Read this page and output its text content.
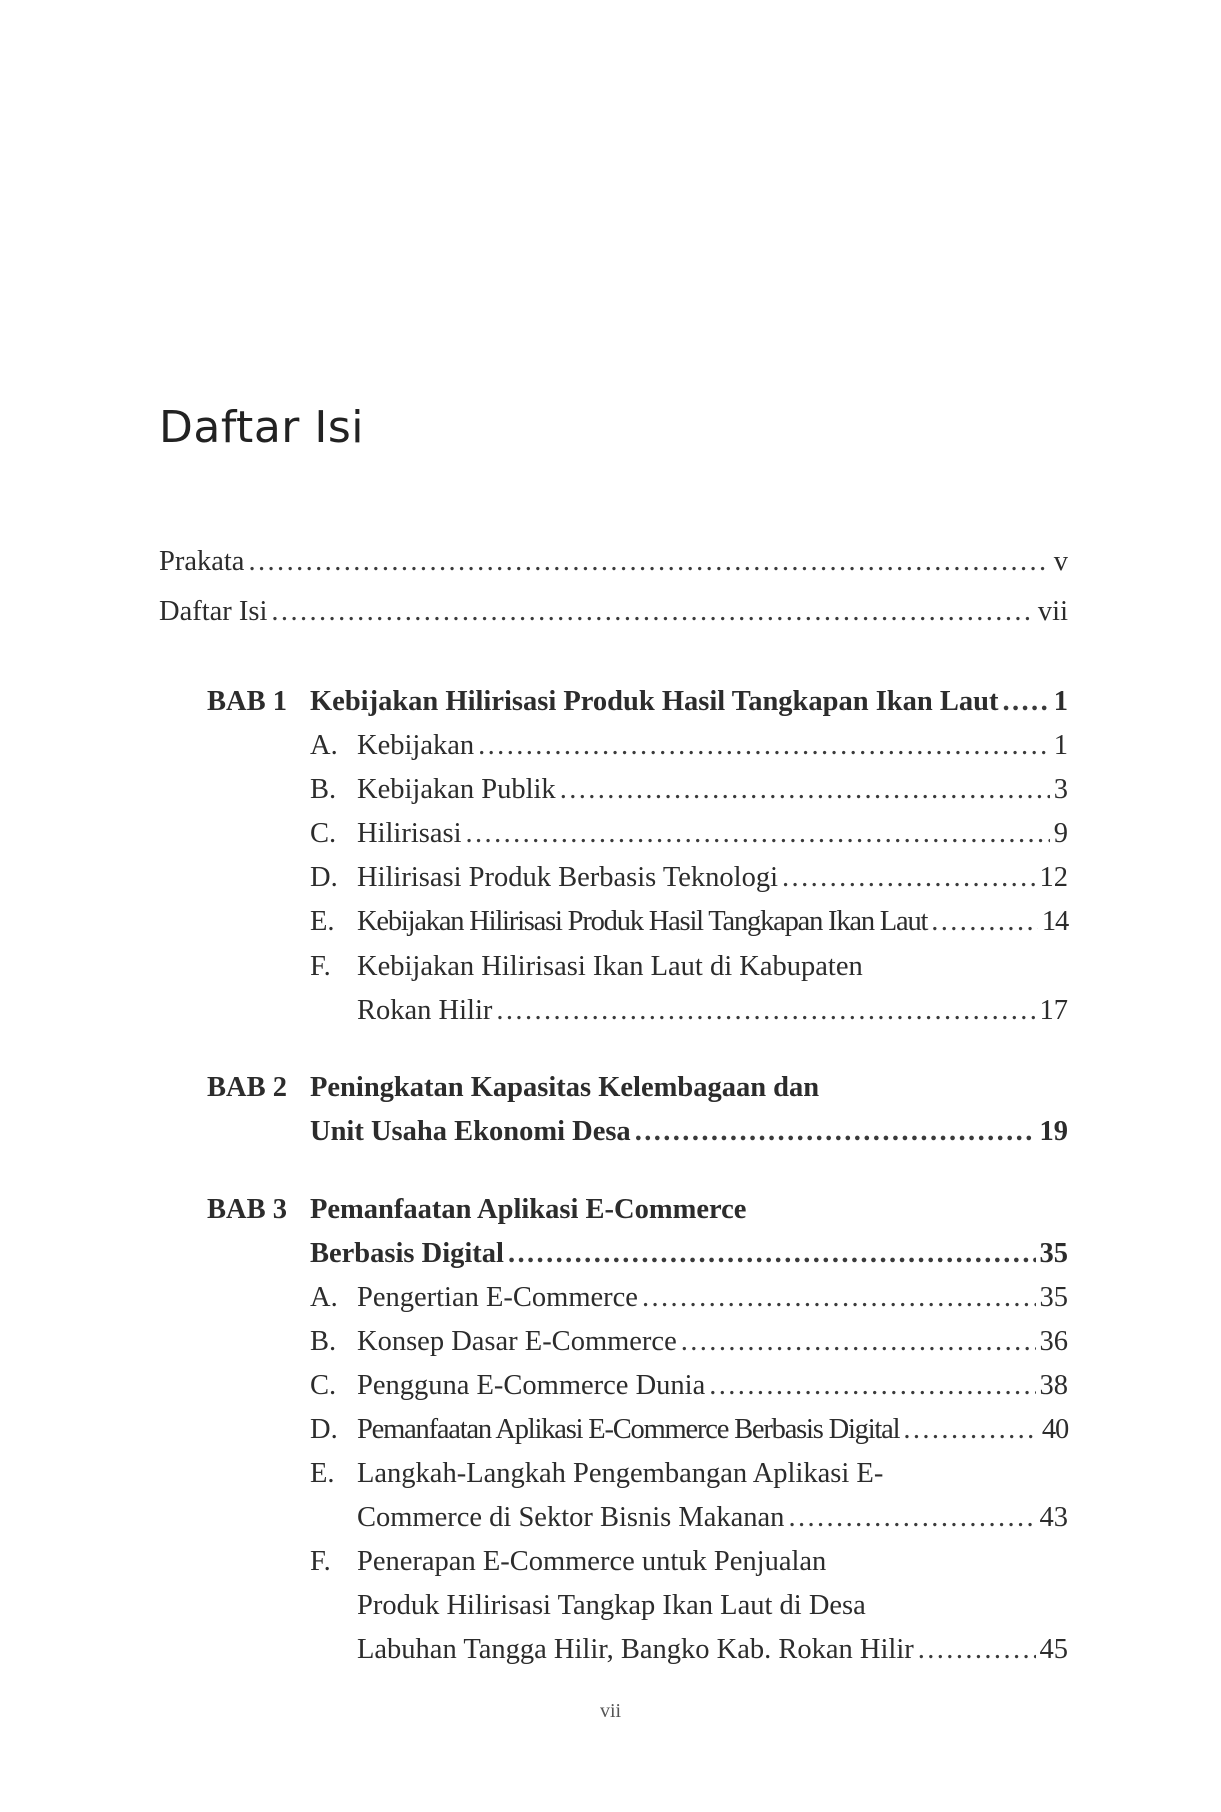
Daftar Isi
Prakata .....	v
Daftar Isi .....	vii
BAB 1 Kebijakan Hilirisasi Produk Hasil Tangkapan Ikan Laut ..... 1
A. Kebijakan .....	1
B. Kebijakan Publik .....	3
C. Hilirisasi .....	9
D. Hilirisasi Produk Berbasis Teknologi .....	12
E. Kebijakan Hilirisasi Produk Hasil Tangkapan Ikan Laut .....	14
F. Kebijakan Hilirisasi Ikan Laut di Kabupaten
Rokan Hilir .....	17
BAB 2 Peningkatan Kapasitas Kelembagaan dan
Unit Usaha Ekonomi Desa .....	19
BAB 3 Pemanfaatan Aplikasi E-Commerce
Berbasis Digital .....	35
A. Pengertian E-Commerce .....	35
B. Konsep Dasar E-Commerce .....	36
C. Pengguna E-Commerce Dunia .....	38
D. Pemanfaatan Aplikasi E-Commerce Berbasis Digital .....	40
E. Langkah-Langkah Pengembangan Aplikasi E-
Commerce di Sektor Bisnis Makanan .....	43
F. Penerapan E-Commerce untuk Penjualan
Produk Hilirisasi Tangkap Ikan Laut di Desa
Labuhan Tangga Hilir, Bangko Kab. Rokan Hilir .....	45
vii
